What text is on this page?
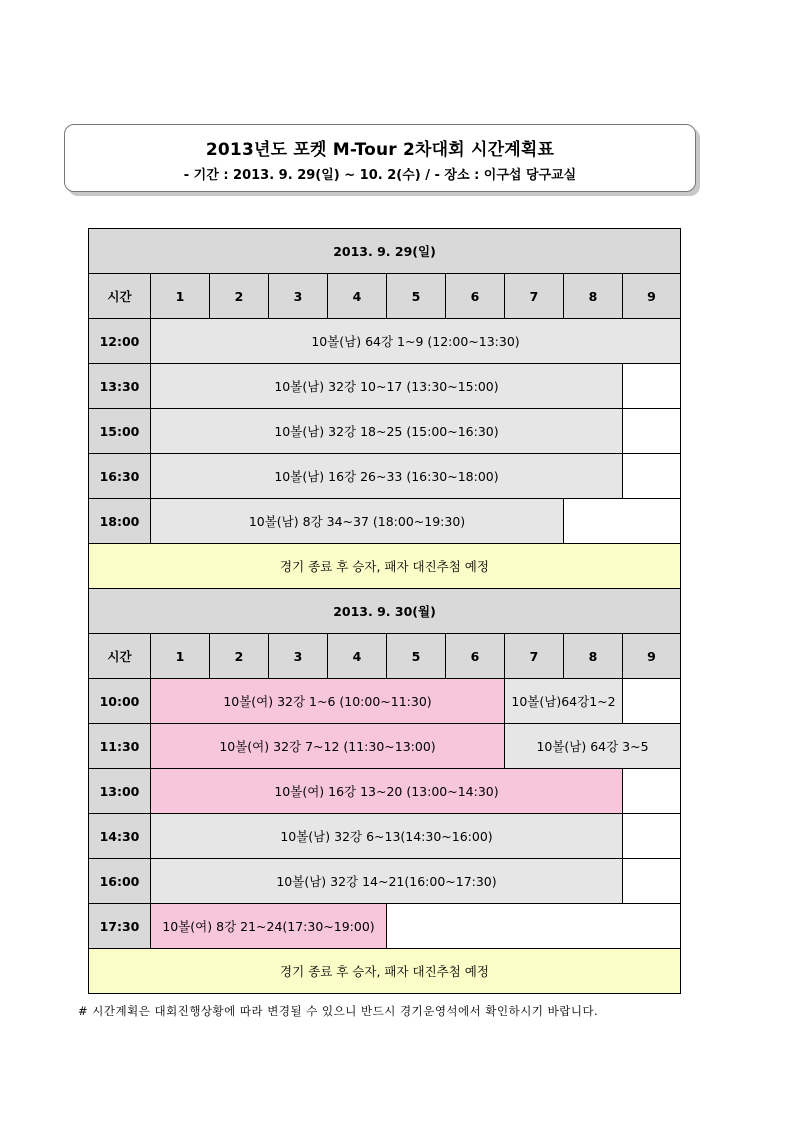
2013년도 포켓 M-Tour 2차대회 시간계획표
- 기간 : 2013. 9. 29(일) ~ 10. 2(수) / - 장소 : 이구섭 당구교실
2013. 9. 29(일)									
시간	1	2	3	4	5	6	7	8	9
12:00	10볼(남) 64강 1~9 (12:00~13:30)								
13:30	10볼(남) 32강 10~17 (13:30~15:00)								
15:00	10볼(남) 32강 18~25 (15:00~16:30)								
16:30	10볼(남) 16강 26~33 (16:30~18:00)								
18:00	10볼(남) 8강 34~37 (18:00~19:30)								
경기 종료 후 승자, 패자 대진추첨 예정									
2013. 9. 30(월)									
시간	1	2	3	4	5	6	7	8	9
10:00	10볼(여) 32강 1~6 (10:00~11:30)						10볼(남)64강1~2		
11:30	10볼(여) 32강 7~12 (11:30~13:00)						10볼(남) 64강 3~5		
13:00	10볼(여) 16강 13~20 (13:00~14:30)								
14:30	10볼(남) 32강 6~13(14:30~16:00)								
16:00	10볼(남) 32강 14~21(16:00~17:30)								
17:30	10볼(여) 8강 21~24(17:30~19:00)								
경기 종료 후 승자, 패자 대진추첨 예정									
# 시간계획은 대회진행상황에 따라 변경될 수 있으니 반드시 경기운영석에서 확인하시기 바랍니다.
